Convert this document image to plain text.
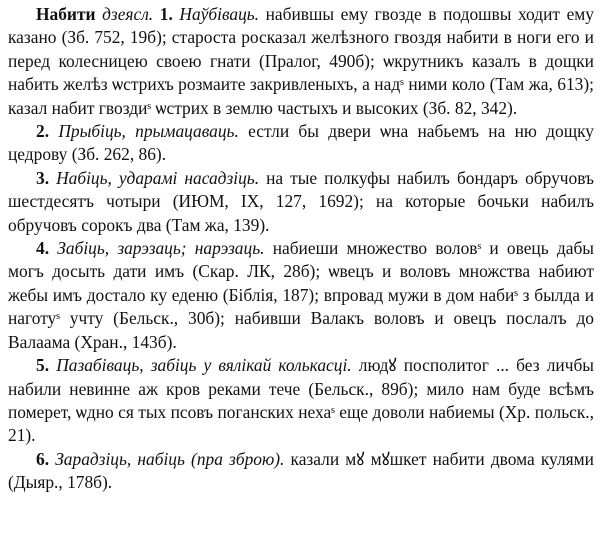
Набити дзеясл. 1. Наўбіваць. набившы ему гвозде в подошвы ходит ему казано (Зб. 752, 19б); староста росказал желѣзного гвоздя набити в ноги его и перед колесницею своею гнати (Пралог, 490б); ѡкрутникъ казалъ в дощки набить желѣз ѡстрихъ розмаите закривленыхъ, а надˢ ними коло (Там жа, 613); казал набит гвоздиˢ ѡстрих в землю частыхъ и высоких (Зб. 82, 342).

2. Прыбіць, прымацаваць. естли бы двери ѡна набьемъ на ню дощку цедрову (Зб. 262, 86).

3. Набіць, ударамі насадзіць. на тые полкуфы набилъ бондаръ обручовъ шестдесятъ чотыри (ИЮМ, IX, 127, 1692); на которые бочьки набилъ обручовъ сорокъ два (Там жа, 139).

4. Забіць, зарэзаць; нарэзаць. набиеши множество воловˢ и овець дабы могъ досыть дати имъ (Скар. ЛК, 28б); ѡвецъ и воловъ множства набиют жебы имъ достало ку еденю (Біблія, 187); впровад мужи в дом набиˢ з былда и наготуˢ учту (Бельск., 30б); набивши Валакъ воловъ и овецъ послалъ до Валаама (Хран., 143б).

5. Пазабіваць, забіць у вялікай колькасці. людꙋ посполитог ... без личбы набили невинне аж кров реками тече (Бельск., 89б); мило нам буде всѣмъ померет, ѡдно ся тых псовъ поганских нехаˢ еще доволи набиемы (Хр. польск., 21).

6. Зарадзіць, набіць (пра зброю). казали мꙋ мꙋшкет набити двома кулями (Дыяр., 178б).
